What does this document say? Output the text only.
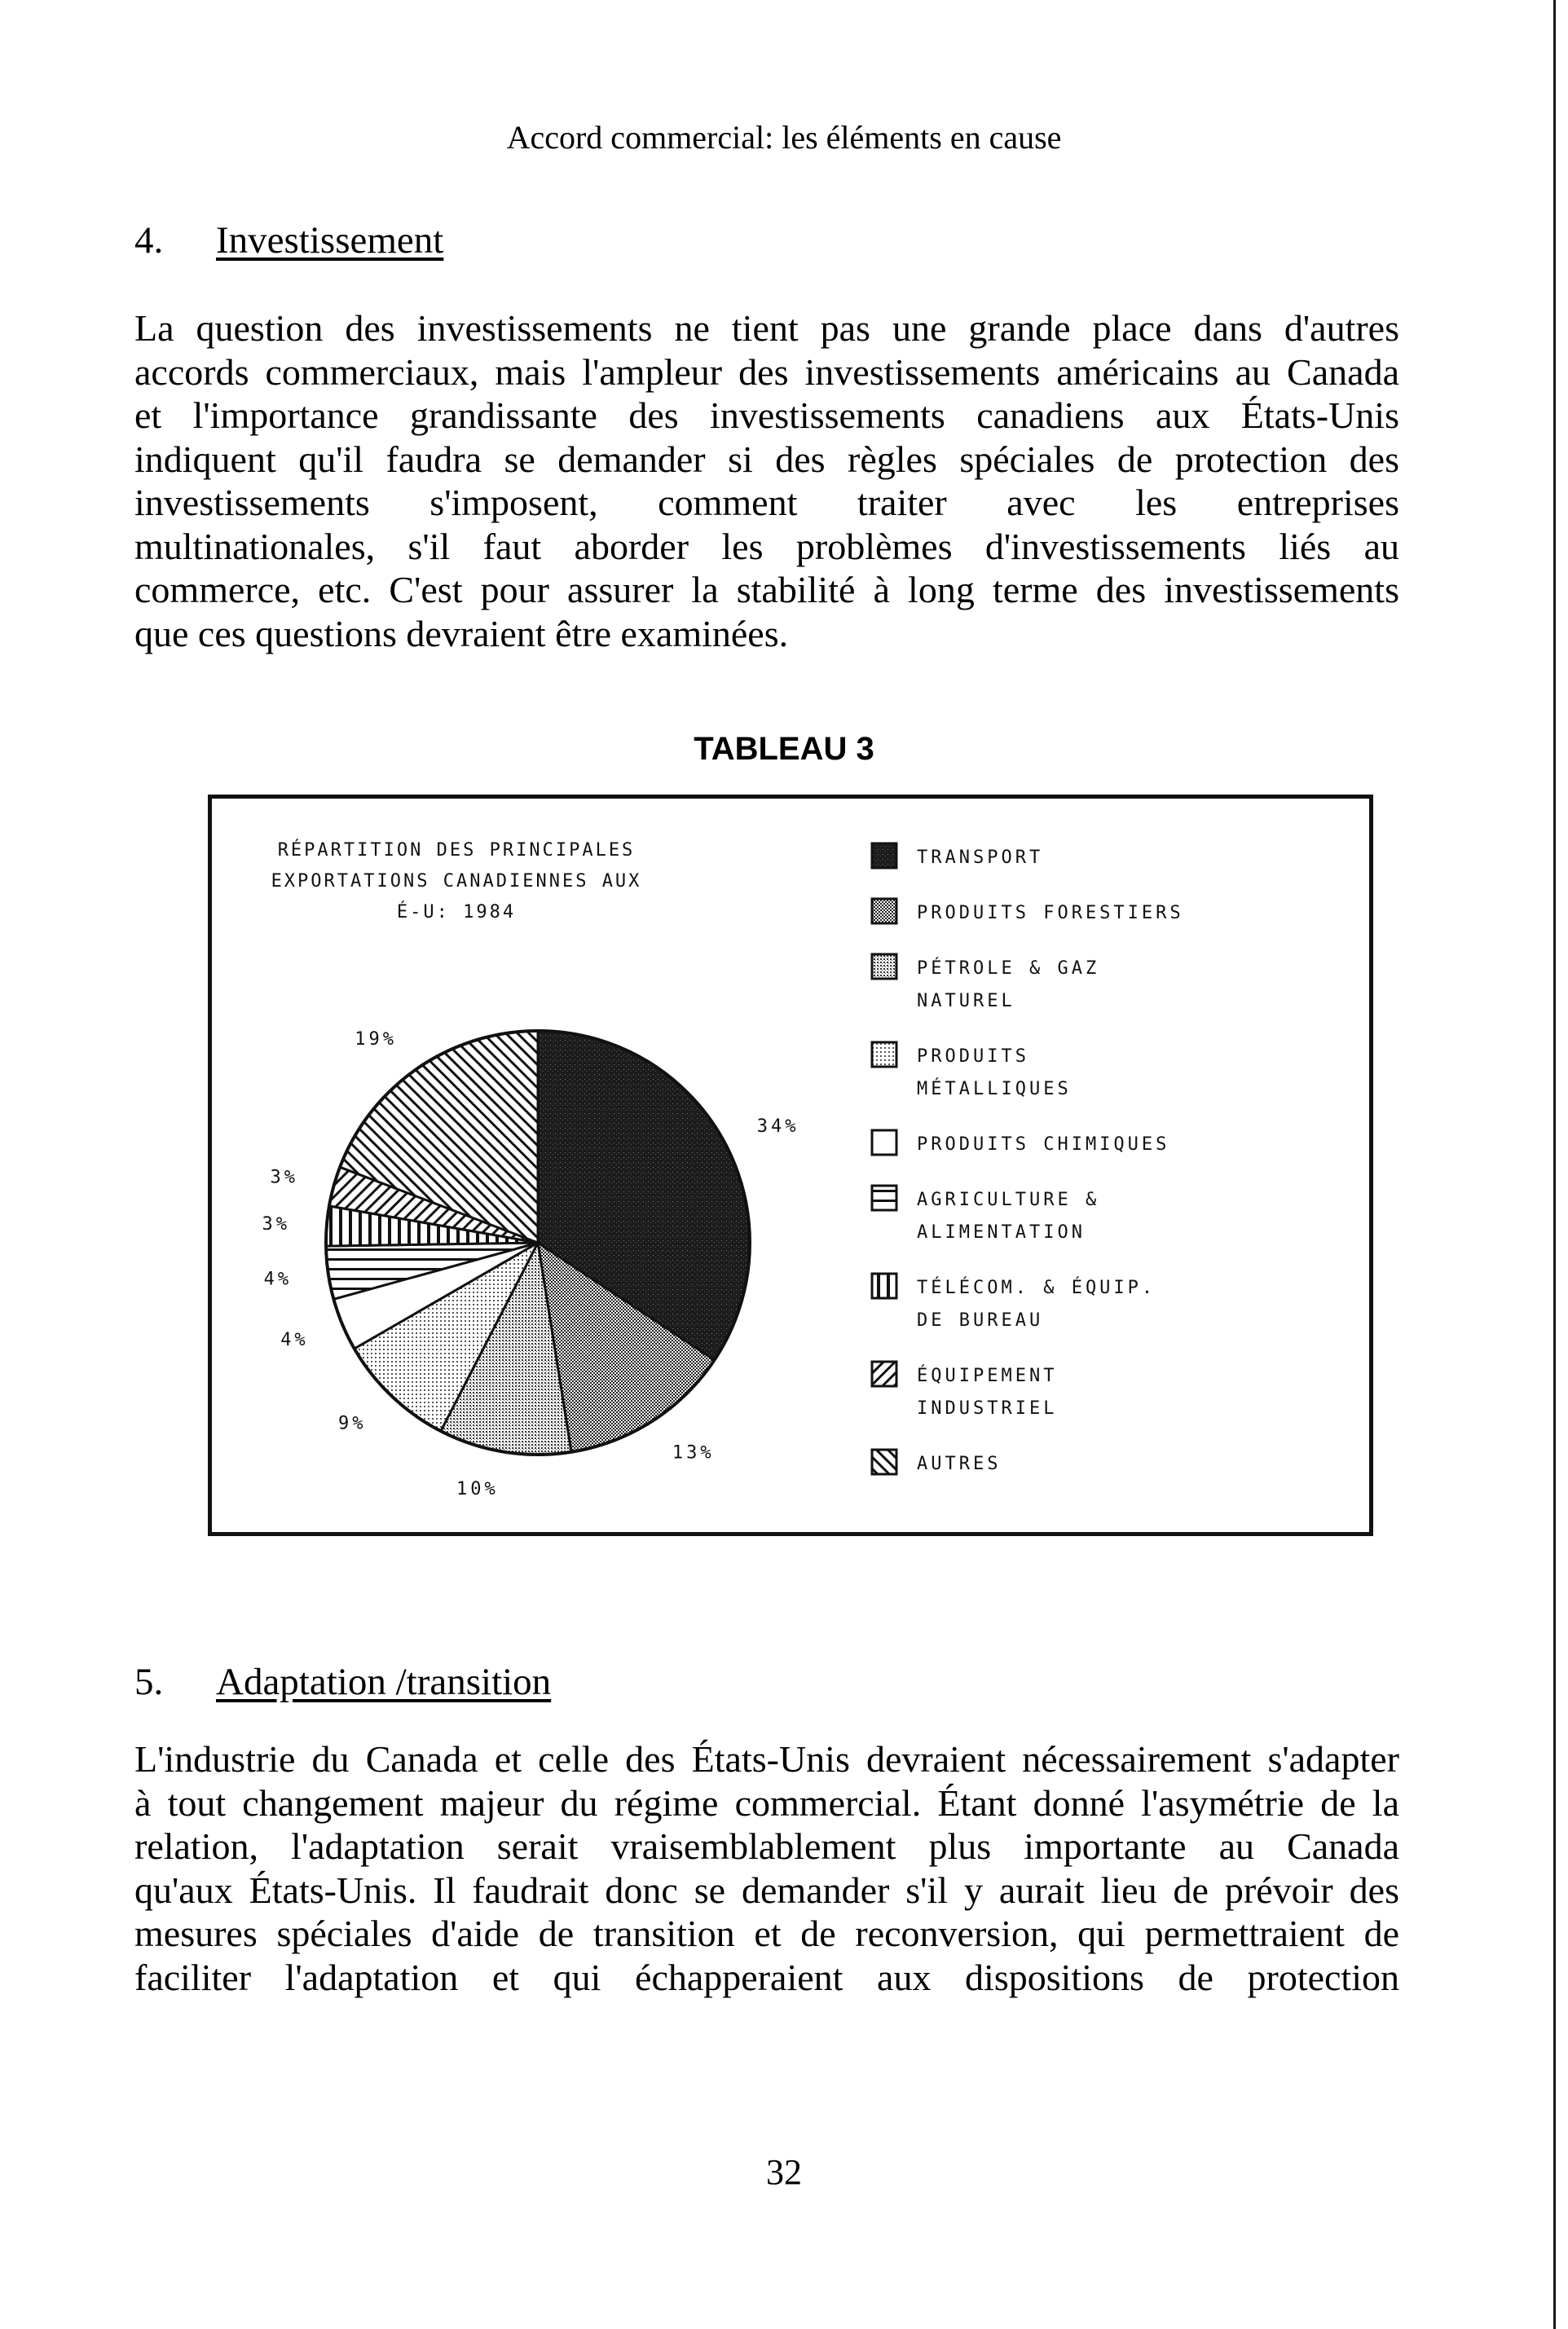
Accord commercial: les éléments en cause
4. Investissement
La question des investissements ne tient pas une grande place dans d'autres
accords commerciaux, mais l'ampleur des investissements américains au Canada
et l'importance grandissante des investissements canadiens aux États-Unis
indiquent qu'il faudra se demander si des règles spéciales de protection des
investissements s'imposent, comment traiter avec les entreprises
multinationales, s'il faut aborder les problèmes d'investissements liés au
commerce, etc. C'est pour assurer la stabilité à long terme des investissements
que ces questions devraient être examinées.
TABLEAU 3
RÉPARTITION DES PRINCIPALES
EXPORTATIONS CANADIENNES AUX
É-U: 1984
34%
13%
10%
9%
4%
4%
3%
3%
19%
TRANSPORT
PRODUITS FORESTIERS
PÉTROLE & GAZ
NATUREL
PRODUITS
MÉTALLIQUES
PRODUITS CHIMIQUES
AGRICULTURE &
ALIMENTATION
TÉLÉCOM. & ÉQUIP.
DE BUREAU
ÉQUIPEMENT
INDUSTRIEL
AUTRES
5. Adaptation /transition
L'industrie du Canada et celle des États-Unis devraient nécessairement s'adapter
à tout changement majeur du régime commercial. Étant donné l'asymétrie de la
relation, l'adaptation serait vraisemblablement plus importante au Canada
qu'aux États-Unis. Il faudrait donc se demander s'il y aurait lieu de prévoir des
mesures spéciales d'aide de transition et de reconversion, qui permettraient de
faciliter l'adaptation et qui échapperaient aux dispositions de protection
32
